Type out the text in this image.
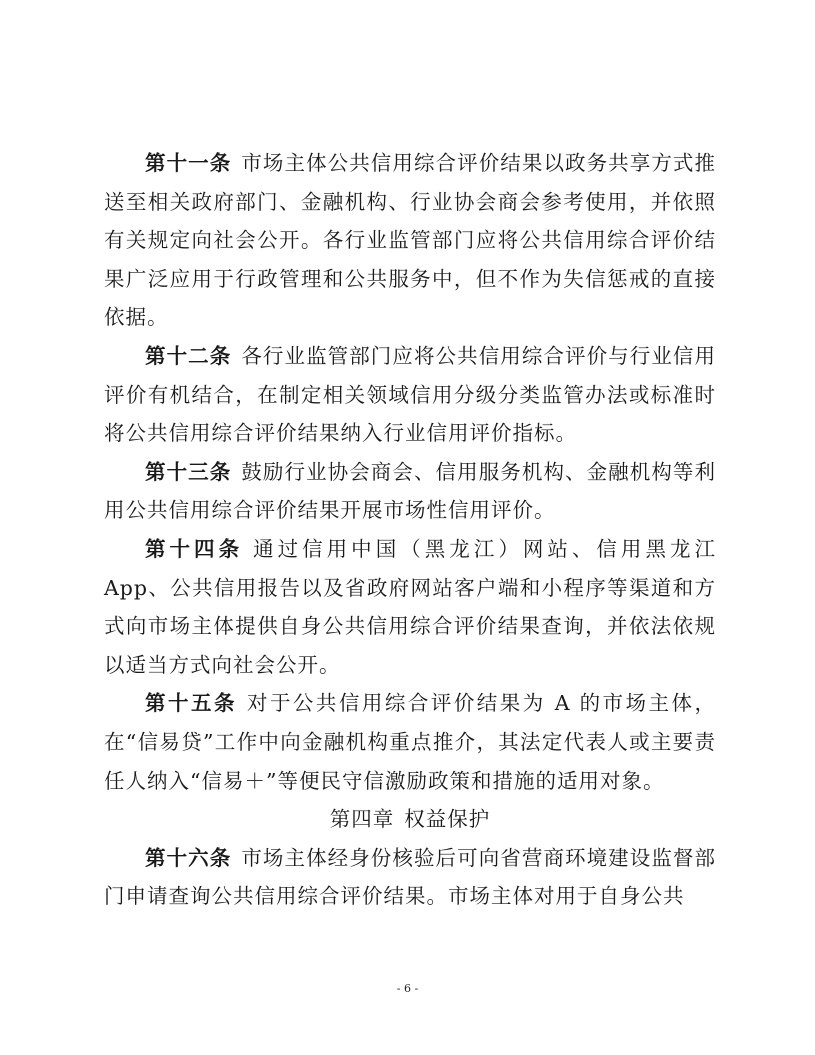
第十一条 市场主体公共信用综合评价结果以政务共享方式推送至相关政府部门、金融机构、行业协会商会参考使用，并依照有关规定向社会公开。各行业监管部门应将公共信用综合评价结果广泛应用于行政管理和公共服务中，但不作为失信惩戒的直接依据。

第十二条 各行业监管部门应将公共信用综合评价与行业信用评价有机结合，在制定相关领域信用分级分类监管办法或标准时将公共信用综合评价结果纳入行业信用评价指标。

第十三条 鼓励行业协会商会、信用服务机构、金融机构等利用公共信用综合评价结果开展市场性信用评价。

第十四条 通过信用中国（黑龙江）网站、信用黑龙江 App、公共信用报告以及省政府网站客户端和小程序等渠道和方式向市场主体提供自身公共信用综合评价结果查询，并依法依规以适当方式向社会公开。

第十五条 对于公共信用综合评价结果为 A 的市场主体，在“信易贷”工作中向金融机构重点推介，其法定代表人或主要责任人纳入“信易＋”等便民守信激励政策和措施的适用对象。

第四章 权益保护

第十六条 市场主体经身份核验后可向省营商环境建设监督部门申请查询公共信用综合评价结果。市场主体对用于自身公共

- 6 -
